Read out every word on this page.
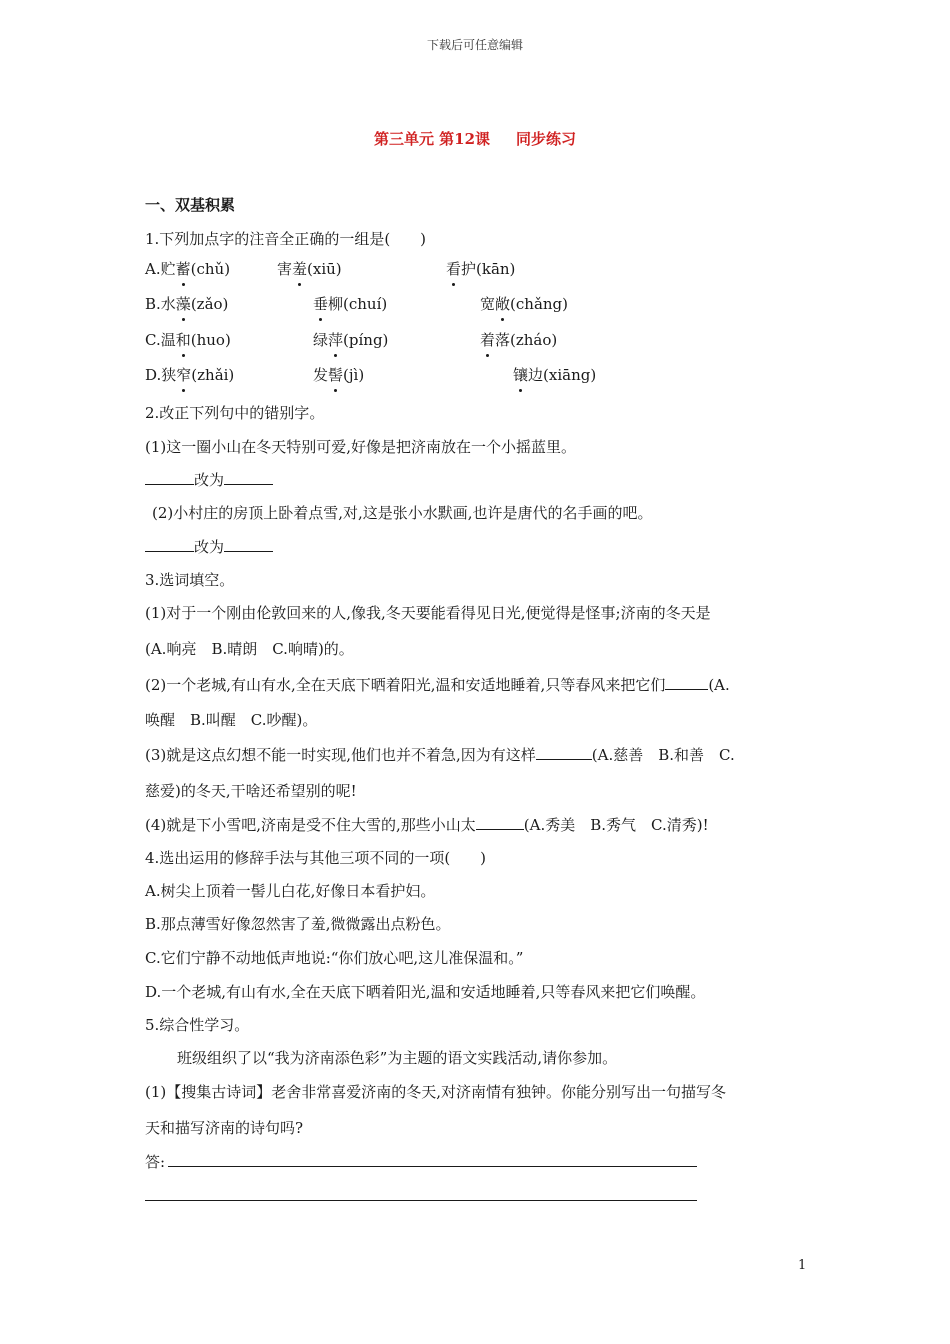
下载后可任意编辑
第三单元 第12课 同步练习
一、双基积累
1.下列加点字的注音全正确的一组是(　　)
A.贮蓄(chǔ)	害羞(xiū)	看护(kān)
B.水藻(zǎo)	垂柳(chuí)	宽敞(chǎng)
C.温和(huo)	绿萍(píng)	着落(zháo)
D.狭窄(zhǎi)	发髻(jì)	镶边(xiāng)
2.改正下列句中的错别字。
(1)这一圈小山在冬天特别可爱,好像是把济南放在一个小摇蓝里。
改为
(2)小村庄的房顶上卧着点雪,对,这是张小水默画,也许是唐代的名手画的吧。
改为
3.选词填空。
(1)对于一个刚由伦敦回来的人,像我,冬天要能看得见日光,便觉得是怪事;济南的冬天是
(A.响亮　B.晴朗　C.响晴)的。
(2)一个老城,有山有水,全在天底下晒着阳光,温和安适地睡着,只等春风来把它们	(A.
唤醒　B.叫醒　C.吵醒)。
(3)就是这点幻想不能一时实现,他们也并不着急,因为有这样	(A.慈善　B.和善　C.
慈爱)的冬天,干啥还希望别的呢!
(4)就是下小雪吧,济南是受不住大雪的,那些小山太	(A.秀美　B.秀气　C.清秀)!
4.选出运用的修辞手法与其他三项不同的一项(　　)
A.树尖上顶着一髻儿白花,好像日本看护妇。
B.那点薄雪好像忽然害了羞,微微露出点粉色。
C.它们宁静不动地低声地说:“你们放心吧,这儿准保温和。”
D.一个老城,有山有水,全在天底下晒着阳光,温和安适地睡着,只等春风来把它们唤醒。
5.综合性学习。
班级组织了以“我为济南添色彩”为主题的语文实践活动,请你参加。
(1)【搜集古诗词】老舍非常喜爱济南的冬天,对济南情有独钟。你能分别写出一句描写冬
天和描写济南的诗句吗?
答:
1
